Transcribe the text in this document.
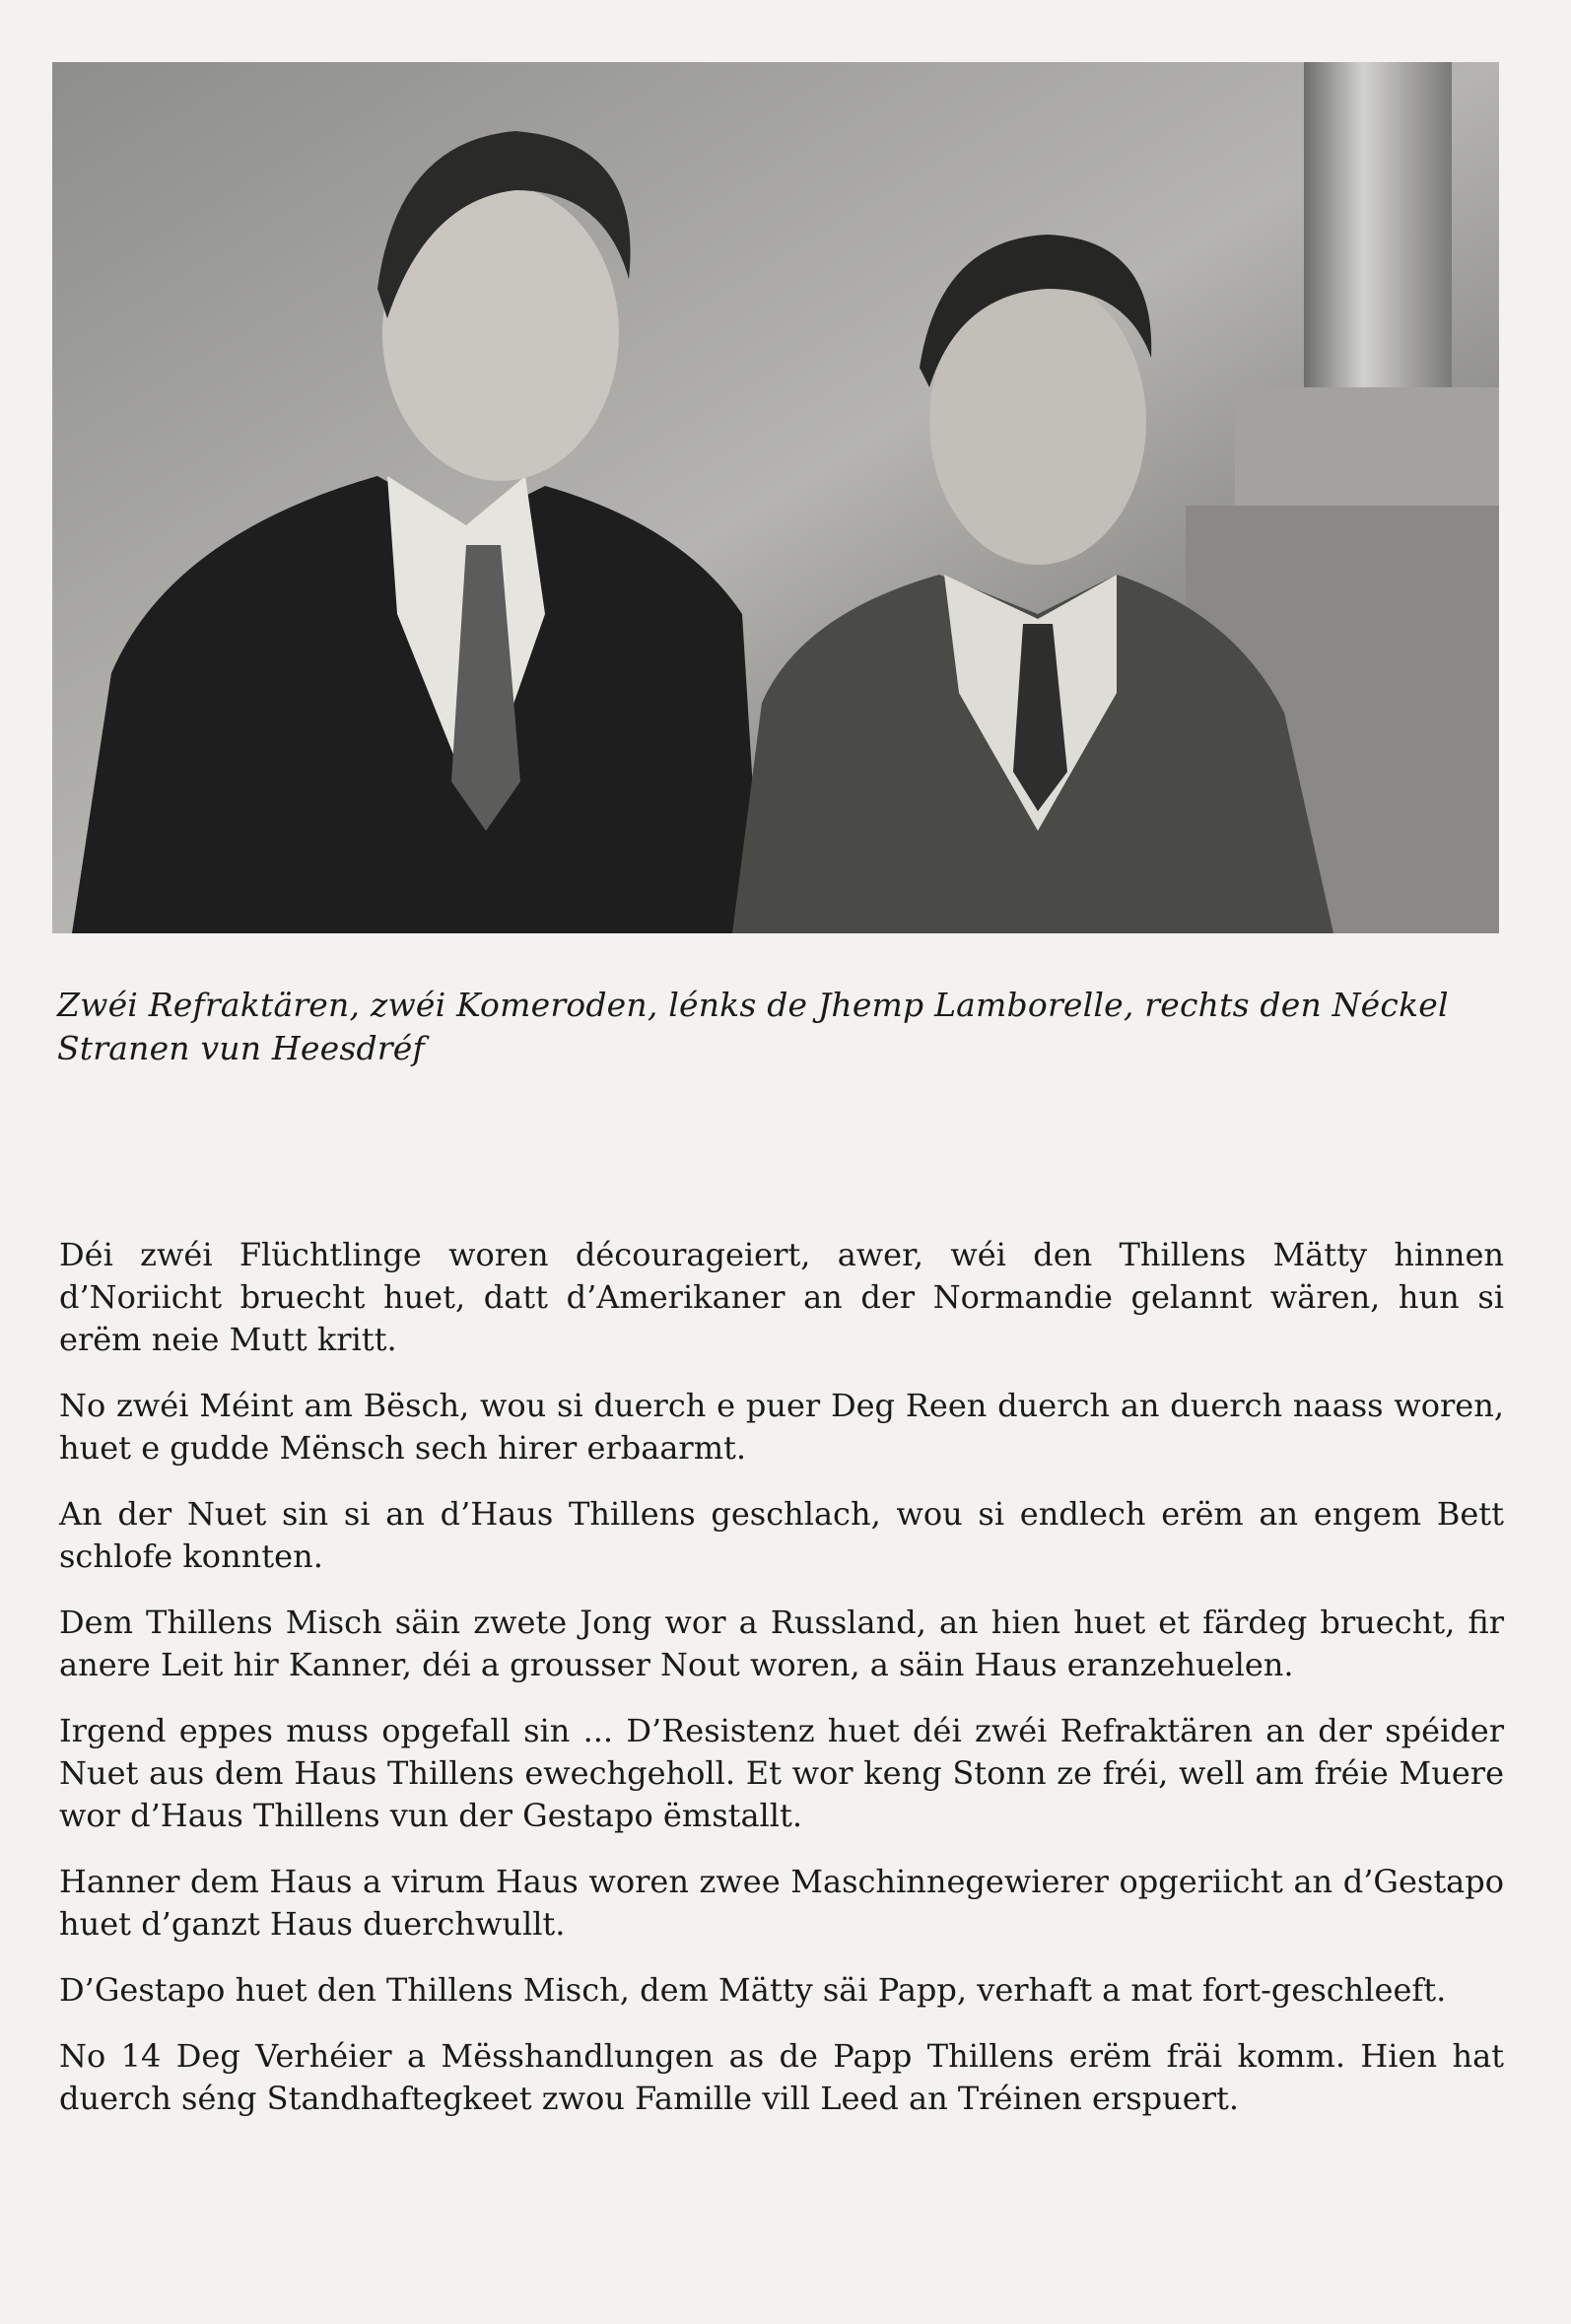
Zwéi Refraktären, zwéi Komeroden, lénks de Jhemp Lamborelle, rechts den Néckel
Stranen vun Heesdréf

Déi zwéi Flüchtlinge woren décourageiert, awer, wéi den Thillens Mätty hinnen d’Noriicht bruecht huet, datt d’Amerikaner an der Normandie gelannt wären, hun si erëm neie Mutt kritt.

No zwéi Méint am Bësch, wou si duerch e puer Deg Reen duerch an duerch naass woren, huet e gudde Mënsch sech hirer erbaarmt.

An der Nuet sin si an d’Haus Thillens geschlach, wou si endlech erëm an engem Bett schlofe konnten.

Dem Thillens Misch säin zwete Jong wor a Russland, an hien huet et färdeg bruecht, fir anere Leit hir Kanner, déi a grousser Nout woren, a säin Haus eranzehuelen.

Irgend eppes muss opgefall sin ... D’Resistenz huet déi zwéi Refraktären an der spéider Nuet aus dem Haus Thillens ewechgeholl. Et wor keng Stonn ze fréi, well am fréie Muere wor d’Haus Thillens vun der Gestapo ëmstallt.

Hanner dem Haus a virum Haus woren zwee Maschinnegewierer opgeriicht an d’Gestapo huet d’ganzt Haus duerchwullt.

D’Gestapo huet den Thillens Misch, dem Mätty säi Papp, verhaft a mat fort-geschleeft.

No 14 Deg Verhéier a Mësshandlungen as de Papp Thillens erëm fräi komm. Hien hat duerch séng Standhaftegkeet zwou Famille vill Leed an Tréinen erspuert.
